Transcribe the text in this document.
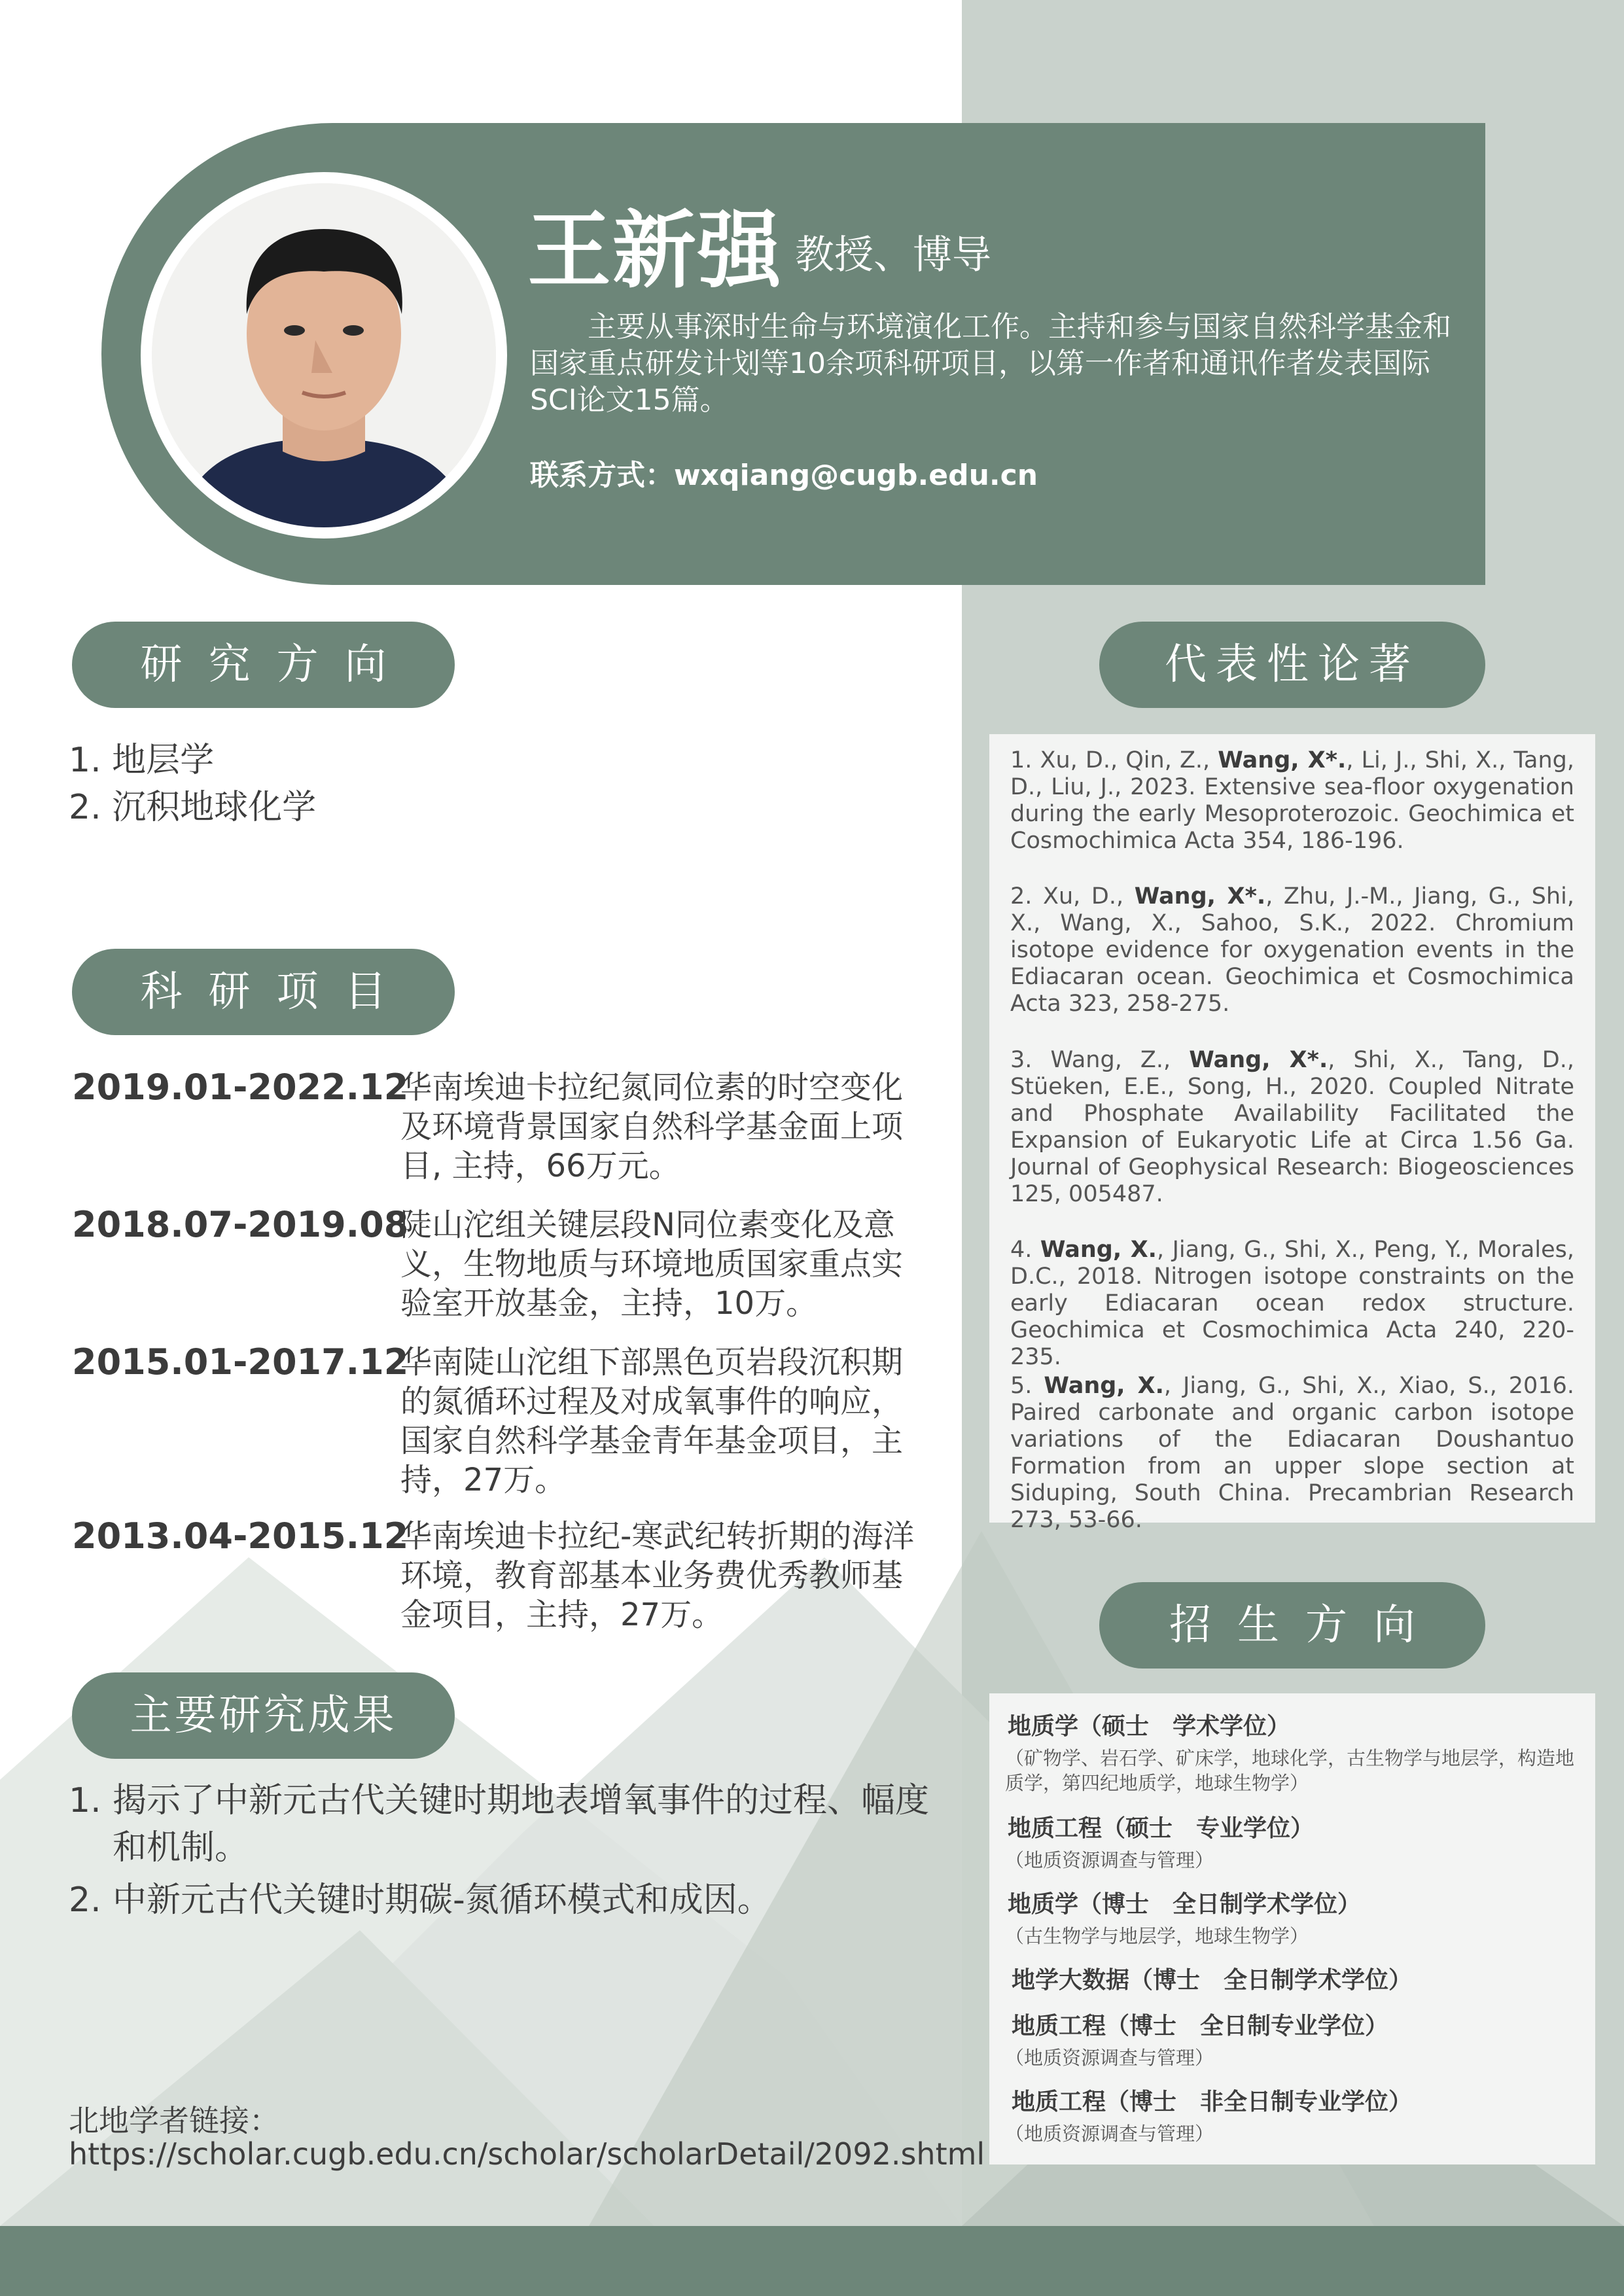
王新强 教授、博导
主要从事深时生命与环境演化工作。主持和参与国家自然科学基金和国家重点研发计划等10余项科研项目，以第一作者和通讯作者发表国际SCI论文15篇。
联系方式：wxqiang@cugb.edu.cn
研究方向
1. 地层学
2. 沉积地球化学
科研项目
2019.01-2022.12
华南埃迪卡拉纪氮同位素的时空变化及环境背景国家自然科学基金面上项目, 主持，66万元。
2018.07-2019.08
陡山沱组关键层段N同位素变化及意义，生物地质与环境地质国家重点实验室开放基金，主持，10万。
2015.01-2017.12
华南陡山沱组下部黑色页岩段沉积期的氮循环过程及对成氧事件的响应，国家自然科学基金青年基金项目，主持，27万。
2013.04-2015.12
华南埃迪卡拉纪-寒武纪转折期的海洋环境，教育部基本业务费优秀教师基金项目，主持，27万。
主要研究成果
1. 揭示了中新元古代关键时期地表增氧事件的过程、幅度和机制。
2. 中新元古代关键时期碳-氮循环模式和成因。
北地学者链接：
https://scholar.cugb.edu.cn/scholar/scholarDetail/2092.shtml
代表性论著
1. Xu, D., Qin, Z., Wang, X*., Li, J., Shi, X., Tang, D., Liu, J., 2023. Extensive sea-floor oxygenation during the early Mesoproterozoic. Geochimica et Cosmochimica Acta 354, 186-196.
2. Xu, D., Wang, X*., Zhu, J.-M., Jiang, G., Shi, X., Wang, X., Sahoo, S.K., 2022. Chromium isotope evidence for oxygenation events in the Ediacaran ocean. Geochimica et Cosmochimica Acta 323, 258-275.
3. Wang, Z., Wang, X*., Shi, X., Tang, D., Stüeken, E.E., Song, H., 2020. Coupled Nitrate and Phosphate Availability Facilitated the Expansion of Eukaryotic Life at Circa 1.56 Ga. Journal of Geophysical Research: Biogeosciences 125, 005487.
4. Wang, X., Jiang, G., Shi, X., Peng, Y., Morales, D.C., 2018. Nitrogen isotope constraints on the early Ediacaran ocean redox structure. Geochimica et Cosmochimica Acta 240, 220-235.
5. Wang, X., Jiang, G., Shi, X., Xiao, S., 2016. Paired carbonate and organic carbon isotope variations of the Ediacaran Doushantuo Formation from an upper slope section at Siduping, South China. Precambrian Research 273, 53-66.
招生方向
地质学（硕士　学术学位）
（矿物学、岩石学、矿床学，地球化学，古生物学与地层学，构造地质学，第四纪地质学，地球生物学）
地质工程（硕士　专业学位）
（地质资源调查与管理）
地质学（博士　全日制学术学位）
（古生物学与地层学，地球生物学）
地学大数据（博士　全日制学术学位）
地质工程（博士　全日制专业学位）
（地质资源调查与管理）
地质工程（博士　非全日制专业学位）
（地质资源调查与管理）
